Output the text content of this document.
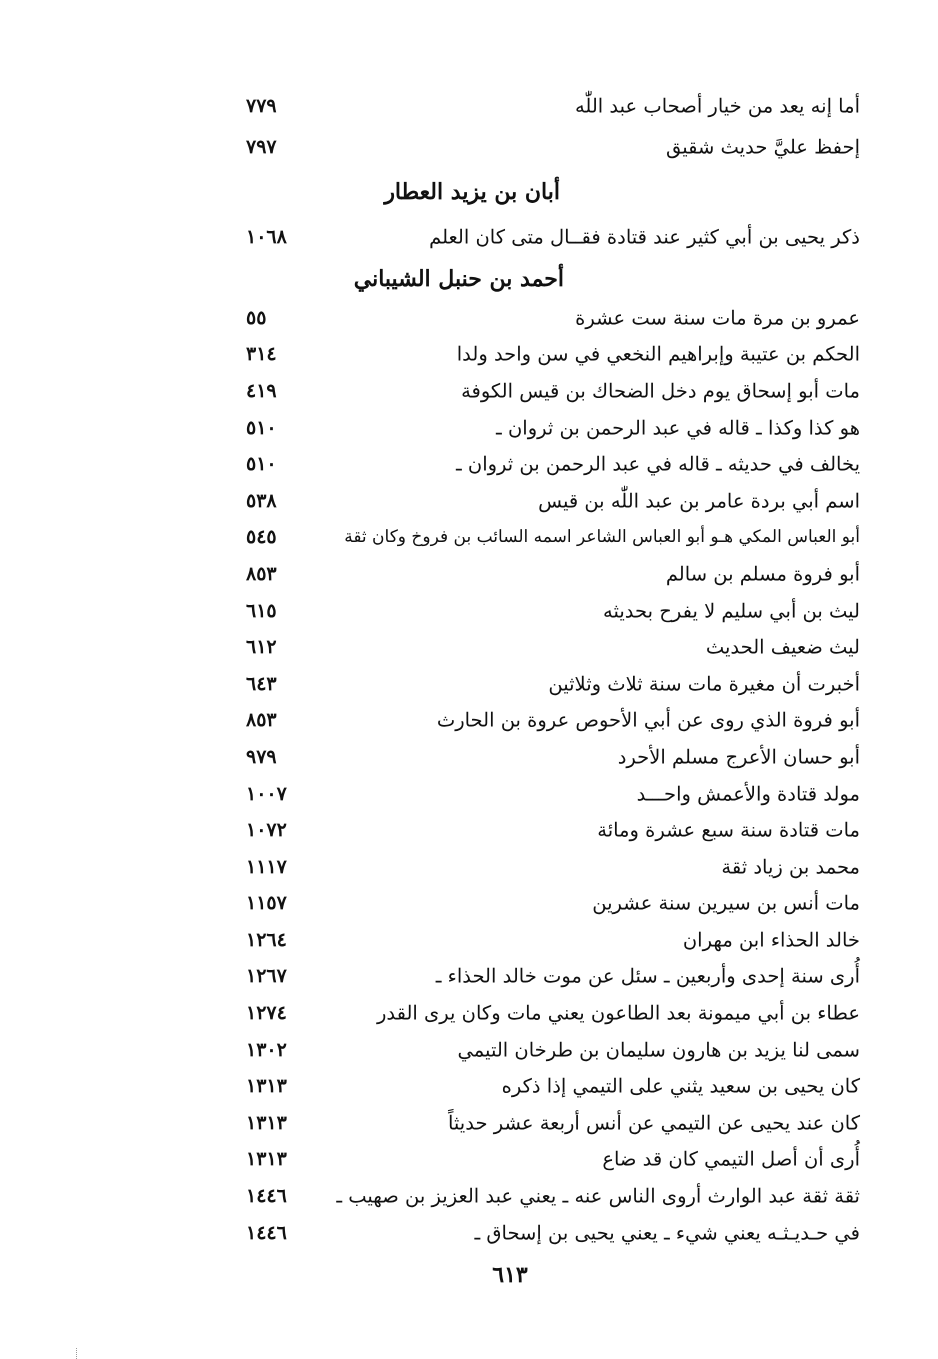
أما إنه يعد من خيار أصحاب عبد اللّٰه
٧٧٩
إحفظ عليَّ حديث شقيق
٧٩٧
أبان بن يزيد العطار
ذكر يحيى بن أبي كثير عند قتادة فقــال متى كان العلم
١٠٦٨
أحمد بن حنبل الشيباني
عمرو بن مرة مات سنة ست عشرة
٥٥
الحكم بن عتيبة وإبراهيم النخعي في سن واحد ولدا
٣١٤
مات أبو إسحاق يوم دخل الضحاك بن قيس الكوفة
٤١٩
هو كذا وكذا ـ قاله في عبد الرحمن بن ثروان ـ
٥١٠
يخالف في حديثه ـ قاله في عبد الرحمن بن ثروان ـ
٥١٠
اسم أبي بردة عامر بن عبد اللّٰه بن قيس
٥٣٨
أبو العباس المكي هـو أبو العباس الشاعر اسمه السائب بن فروخ وكان ثقة
٥٤٥
أبو فروة مسلم بن سالم
٨٥٣
ليث بن أبي سليم لا يفرح بحديثه
٦١٥
ليث ضعيف الحديث
٦١٢
أخبرت أن مغيرة مات سنة ثلاث وثلاثين
٦٤٣
أبو فروة الذي روى عن أبي الأحوص عروة بن الحارث
٨٥٣
أبو حسان الأعرج مسلم الأحرد
٩٧٩
مولد قتادة والأعمش واحـــد
١٠٠٧
مات قتادة سنة سبع عشرة ومائة
١٠٧٢
محمد بن زياد ثقة
١١١٧
مات أنس بن سيرين سنة عشرين
١١٥٧
خالد الحذاء ابن مهران
١٢٦٤
أُرى سنة إحدى وأربعين ـ سئل عن موت خالد الحذاء ـ
١٢٦٧
عطاء بن أبي ميمونة بعد الطاعون يعني مات وكان يرى القدر
١٢٧٤
سمى لنا يزيد بن هارون سليمان بن طرخان التيمي
١٣٠٢
كان يحيى بن سعيد يثني على التيمي إذا ذكره
١٣١٣
كان عند يحيى عن التيمي عن أنس أربعة عشر حديثاً
١٣١٣
أُرى أن أصل التيمي كان قد ضاع
١٣١٣
ثقة ثقة عبد الوارث أروى الناس عنه ـ يعني عبد العزيز بن صهيب ـ
١٤٤٦
في حـديـثـه يعني شيء ـ يعني يحيى بن إسحاق ـ
١٤٤٦
٦١٣
